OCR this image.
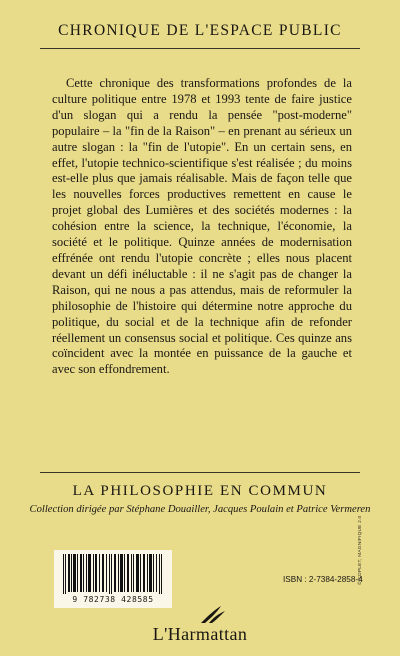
CHRONIQUE DE L'ESPACE PUBLIC

Cette chronique des transformations profondes de la culture politique entre 1978 et 1993 tente de faire justice d'un slogan qui a rendu la pensée "post-moderne" populaire – la "fin de la Raison" – en prenant au sérieux un autre slogan : la "fin de l'utopie". En un certain sens, en effet, l'utopie technico-scientifique s'est réalisée ; du moins est-elle plus que jamais réalisable. Mais de façon telle que les nouvelles forces productives remettent en cause le projet global des Lumières et des sociétés modernes : la cohésion entre la science, la technique, l'économie, la société et le politique. Quinze années de modernisation effrénée ont rendu l'utopie concrète ; elles nous placent devant un défi inéluctable : il ne s'agit pas de changer la Raison, qui ne nous a pas attendus, mais de reformuler la philosophie de l'histoire qui détermine notre approche du politique, du social et de la technique afin de refonder réellement un consensus social et politique. Ces quinze ans coïncident avec la montée en puissance de la gauche et avec son effondrement.

LA PHILOSOPHIE EN COMMUN
Collection dirigée par Stéphane Douailler, Jacques Poulain et Patrice Vermeren
9 782738 428585
ISBN : 2-7384-2858-4
© COPLET, MAGNIFIQUE 2.0
L'Harmattan
